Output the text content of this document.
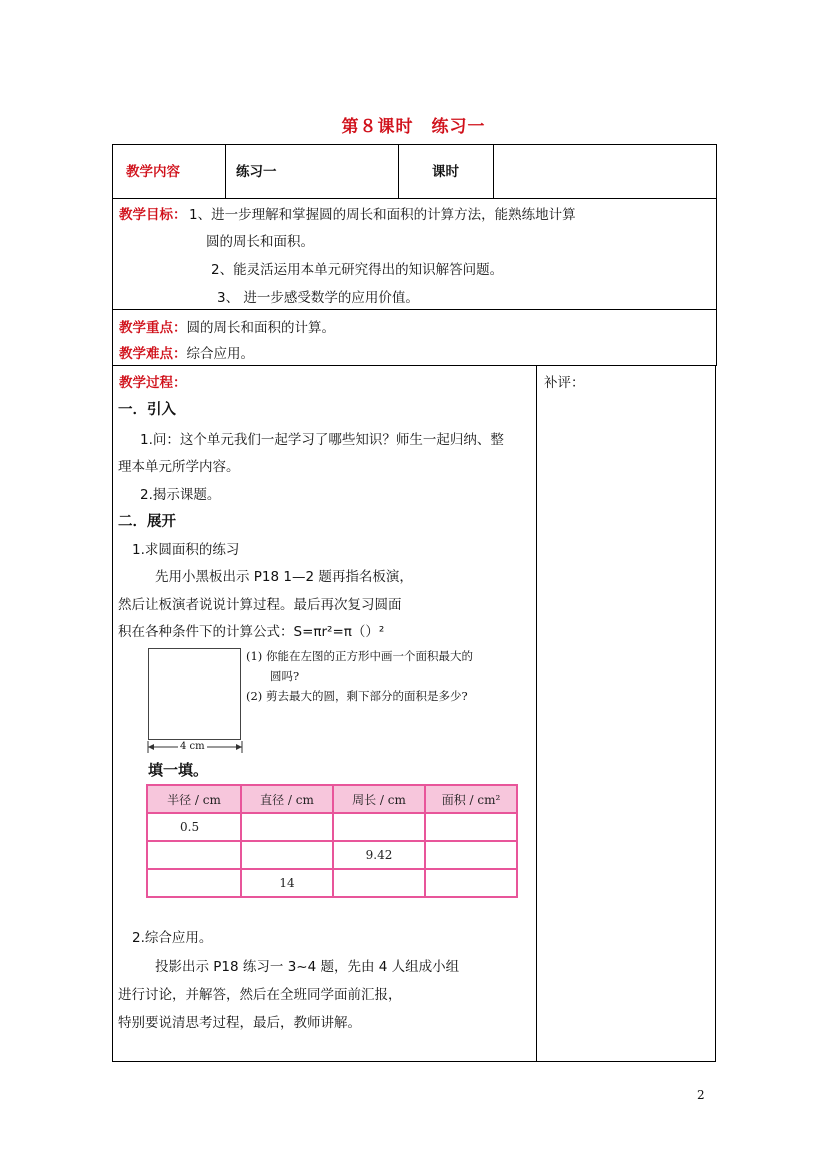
第８课时　练习一
教学内容	练习一	课时
教学目标： 1、进一步理解和掌握圆的周长和面积的计算方法，能熟练地计算
圆的周长和面积。
2、能灵活运用本单元研究得出的知识解答问题。
3、 进一步感受数学的应用价值。
教学重点：圆的周长和面积的计算。
教学难点：综合应用。
教学过程：	补评：
一．引入
1.问：这个单元我们一起学习了哪些知识？师生一起归纳、整
理本单元所学内容。
2.揭示课题。
二．展开
1.求圆面积的练习
先用小黑板出示 P18 1—2 题再指名板演，
然后让板演者说说计算过程。最后再次复习圆面
积在各种条件下的计算公式：S=πr²=π（）²
4 cm
(1) 你能在左图的正方形中画一个面积最大的
圆吗?
(2) 剪去最大的圆，剩下部分的面积是多少?
填一填。
半径 / cm	直径 / cm	周长 / cm	面积 / cm²
0.5			
		9.42	
	14		
2.综合应用。
投影出示 P18 练习一 3~4 题，先由 4 人组成小组
进行讨论，并解答，然后在全班同学面前汇报，
特别要说清思考过程，最后，教师讲解。
2
